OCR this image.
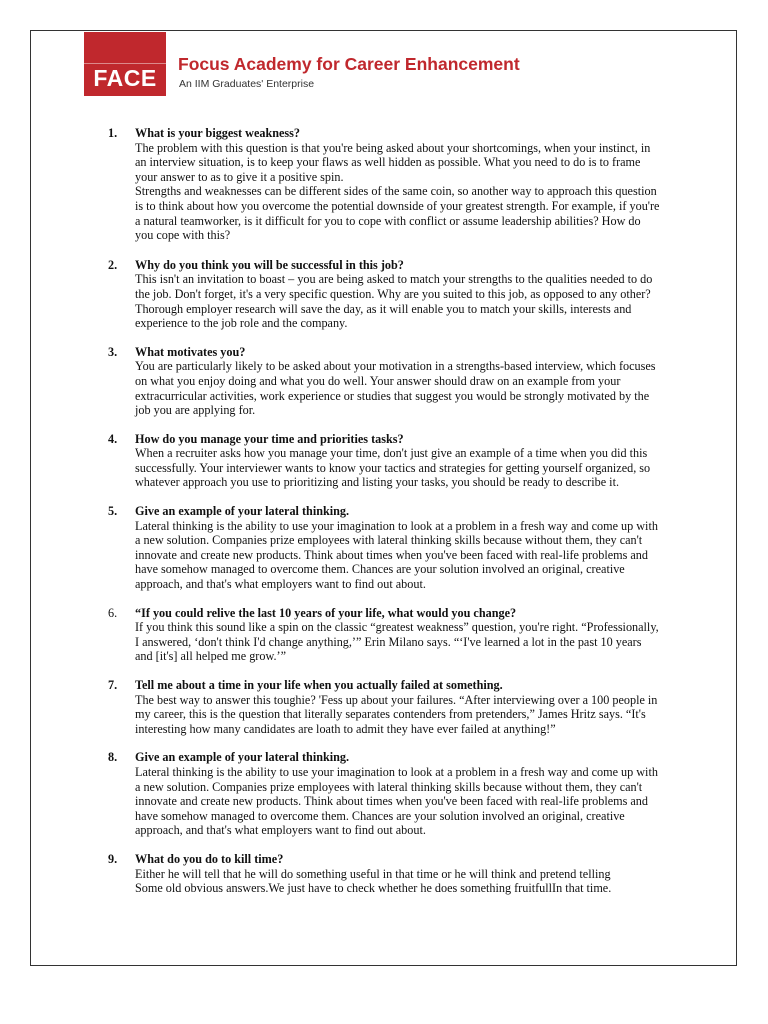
FACE
Focus Academy for Career Enhancement
An IIM Graduates' Enterprise
1. What is your biggest weakness?
The problem with this question is that you're being asked about your shortcomings, when your instinct, in
an interview situation, is to keep your flaws as well hidden as possible. What you need to do is to frame
your answer to as to give it a positive spin.
Strengths and weaknesses can be different sides of the same coin, so another way to approach this question
is to think about how you overcome the potential downside of your greatest strength. For example, if you're
a natural teamworker, is it difficult for you to cope with conflict or assume leadership abilities? How do
you cope with this?
2. Why do you think you will be successful in this job?
This isn't an invitation to boast – you are being asked to match your strengths to the qualities needed to do
the job. Don't forget, it's a very specific question. Why are you suited to this job, as opposed to any other?
Thorough employer research will save the day, as it will enable you to match your skills, interests and
experience to the job role and the company.
3. What motivates you?
You are particularly likely to be asked about your motivation in a strengths-based interview, which focuses
on what you enjoy doing and what you do well. Your answer should draw on an example from your
extracurricular activities, work experience or studies that suggest you would be strongly motivated by the
job you are applying for.
4. How do you manage your time and priorities tasks?
When a recruiter asks how you manage your time, don't just give an example of a time when you did this
successfully. Your interviewer wants to know your tactics and strategies for getting yourself organized, so
whatever approach you use to prioritizing and listing your tasks, you should be ready to describe it.
5. Give an example of your lateral thinking.
Lateral thinking is the ability to use your imagination to look at a problem in a fresh way and come up with
a new solution. Companies prize employees with lateral thinking skills because without them, they can't
innovate and create new products. Think about times when you've been faced with real-life problems and
have somehow managed to overcome them. Chances are your solution involved an original, creative
approach, and that's what employers want to find out about.
6. “If you could relive the last 10 years of your life, what would you change?
If you think this sound like a spin on the classic “greatest weakness” question, you're right. “Professionally,
I answered, ‘don't think I'd change anything,’” Erin Milano says. “‘I've learned a lot in the past 10 years
and [it's] all helped me grow.’”
7. Tell me about a time in your life when you actually failed at something.
The best way to answer this toughie? 'Fess up about your failures. “After interviewing over a 100 people in
my career, this is the question that literally separates contenders from pretenders,” James Hritz says. “It's
interesting how many candidates are loath to admit they have ever failed at anything!”
8. Give an example of your lateral thinking.
Lateral thinking is the ability to use your imagination to look at a problem in a fresh way and come up with
a new solution. Companies prize employees with lateral thinking skills because without them, they can't
innovate and create new products. Think about times when you've been faced with real-life problems and
have somehow managed to overcome them. Chances are your solution involved an original, creative
approach, and that's what employers want to find out about.
9. What do you do to kill time?
Either he will tell that he will do something useful in that time or he will think and pretend telling
Some old obvious answers.We just have to check whether he does something fruitfullIn that time.
